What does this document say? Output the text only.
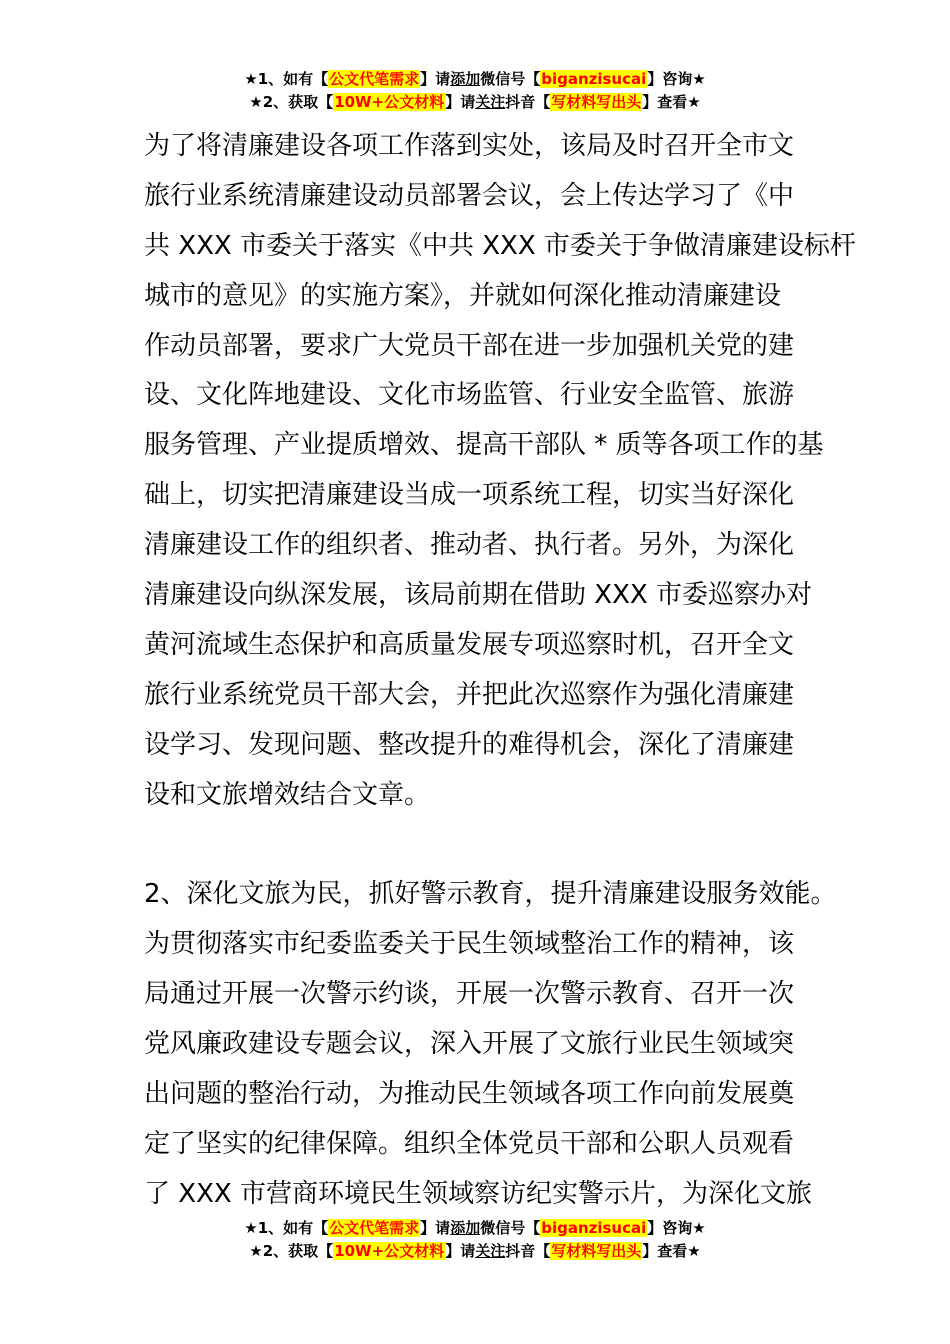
★1、如有【公文代笔需求】请添加微信号【biganzisucai】咨询★
★2、获取【10W+公文材料】请关注抖音【写材料写出头】查看★
为了将清廉建设各项工作落到实处，该局及时召开全市文
旅行业系统清廉建设动员部署会议，会上传达学习了《中
共 XXX 市委关于落实《中共 XXX 市委关于争做清廉建设标杆
城市的意见》的实施方案》，并就如何深化推动清廉建设
作动员部署，要求广大党员干部在进一步加强机关党的建
设、文化阵地建设、文化市场监管、行业安全监管、旅游
服务管理、产业提质增效、提高干部队 * 质等各项工作的基
础上，切实把清廉建设当成一项系统工程，切实当好深化
清廉建设工作的组织者、推动者、执行者。另外，为深化
清廉建设向纵深发展，该局前期在借助 XXX 市委巡察办对
黄河流域生态保护和高质量发展专项巡察时机，召开全文
旅行业系统党员干部大会，并把此次巡察作为强化清廉建
设学习、发现问题、整改提升的难得机会，深化了清廉建
设和文旅增效结合文章。
2、深化文旅为民，抓好警示教育，提升清廉建设服务效能。
为贯彻落实市纪委监委关于民生领域整治工作的精神，该
局通过开展一次警示约谈，开展一次警示教育、召开一次
党风廉政建设专题会议，深入开展了文旅行业民生领域突
出问题的整治行动，为推动民生领域各项工作向前发展奠
定了坚实的纪律保障。组织全体党员干部和公职人员观看
了 XXX 市营商环境民生领域察访纪实警示片，为深化文旅
★1、如有【公文代笔需求】请添加微信号【biganzisucai】咨询★
★2、获取【10W+公文材料】请关注抖音【写材料写出头】查看★
